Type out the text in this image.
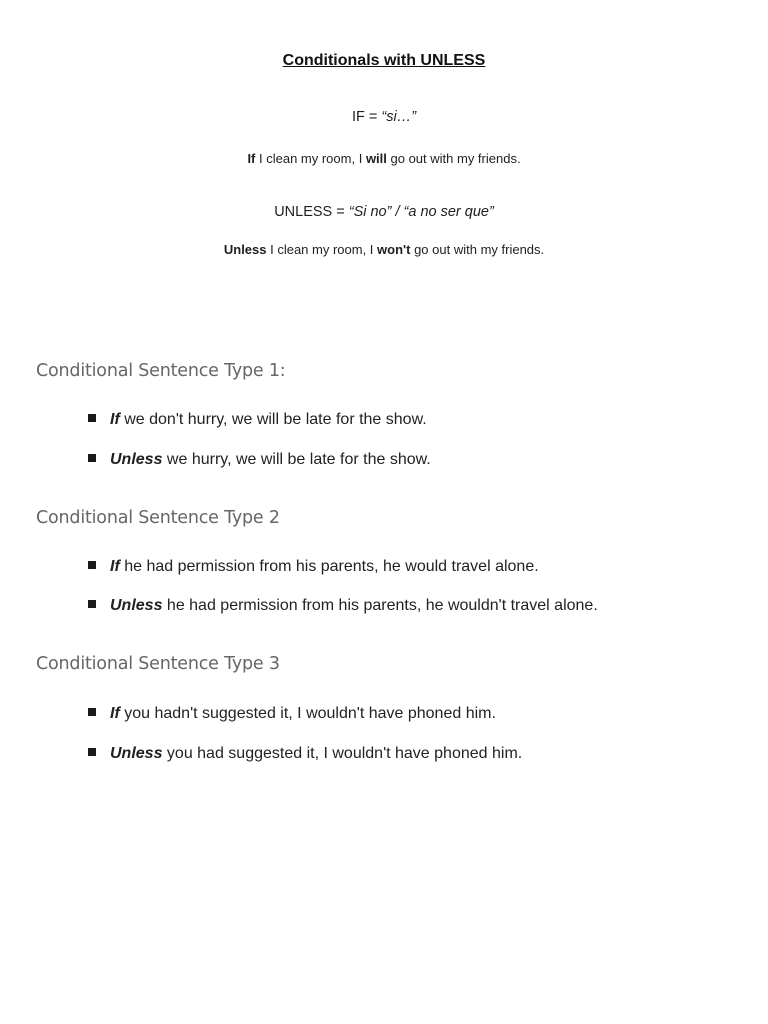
Conditionals with UNLESS
IF = “si…”
If I clean my room, I will go out with my friends.
UNLESS = “Si no” / “a no ser que”
Unless I clean my room, I won't go out with my friends.
Conditional Sentence Type 1:
If we don't hurry, we will be late for the show.
Unless we hurry, we will be late for the show.
Conditional Sentence Type 2
If he had permission from his parents, he would travel alone.
Unless he had permission from his parents, he wouldn't travel alone.
Conditional Sentence Type 3
If you hadn't suggested it, I wouldn't have phoned him.
Unless you had suggested it, I wouldn't have phoned him.
